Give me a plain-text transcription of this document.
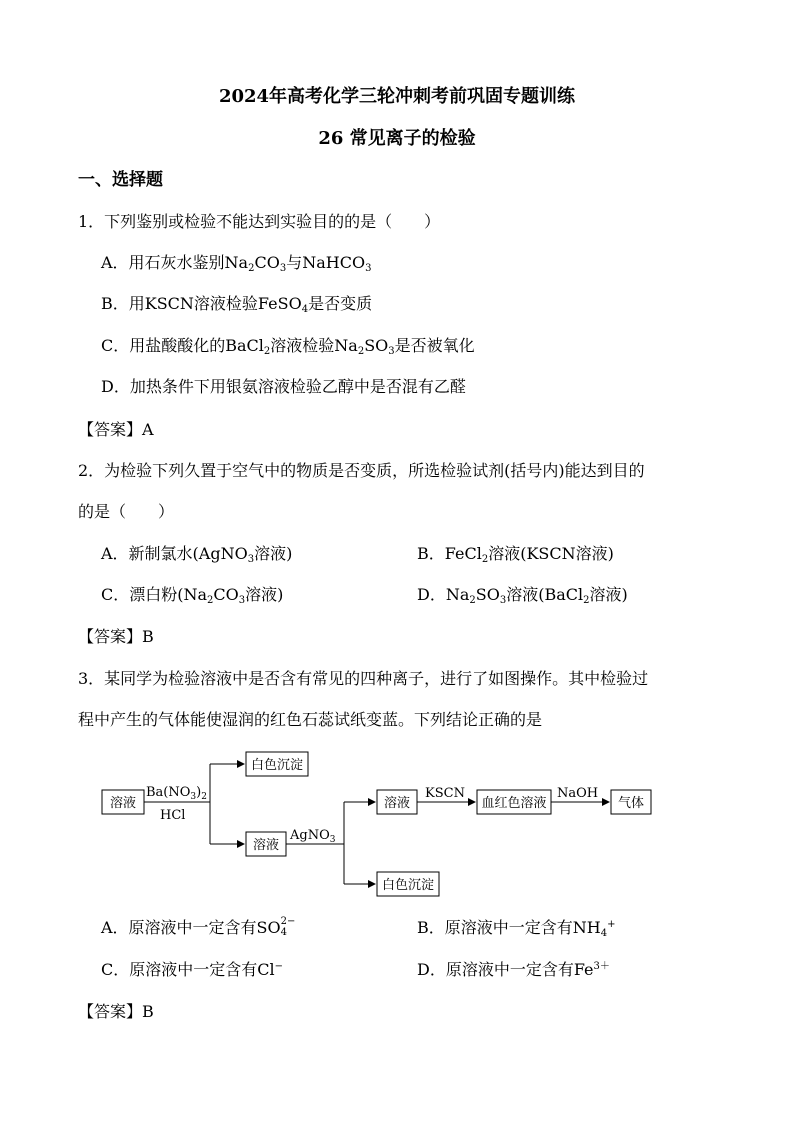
2024年高考化学三轮冲刺考前巩固专题训练
26 常见离子的检验
一、选择题
1．下列鉴别或检验不能达到实验目的的是（　　）
A．用石灰水鉴别$Na_2CO_3$与NaHCO$_3$
B．用KSCN溶液检验FeSO$_4$是否变质
C．用盐酸酸化的BaCl$_2$溶液检验$Na_2SO_3$是否被氧化
D．加热条件下用银氨溶液检验乙醇中是否混有乙醛
【答案】A
2．为检验下列久置于空气中的物质是否变质，所选检验试剂(括号内)能达到目的
的是（　　）
A．新制氯水(AgNO$_3$溶液)	B．FeCl$_2$溶液(KSCN溶液)
C．漂白粉($Na_2CO_3$溶液)	D．$Na_2SO_3$溶液(BaCl$_2$溶液)
【答案】B
3．某同学为检验溶液中是否含有常见的四种离子，进行了如图操作。其中检验过
程中产生的气体能使湿润的红色石蕊试纸变蓝。下列结论正确的是
溶液
白色沉淀
溶液
溶液	血红色溶液	气体
白色沉淀
$Ba(NO_3)_2$
HCl
AgNO$_3$
KSCN	NaOH
A．原溶液中一定含有SO 2−
4	B．原溶液中一定含有$NH_4^+$
C．原溶液中一定含有Cl−	D．原溶液中一定含有$Fe^{3+}$
【答案】B
